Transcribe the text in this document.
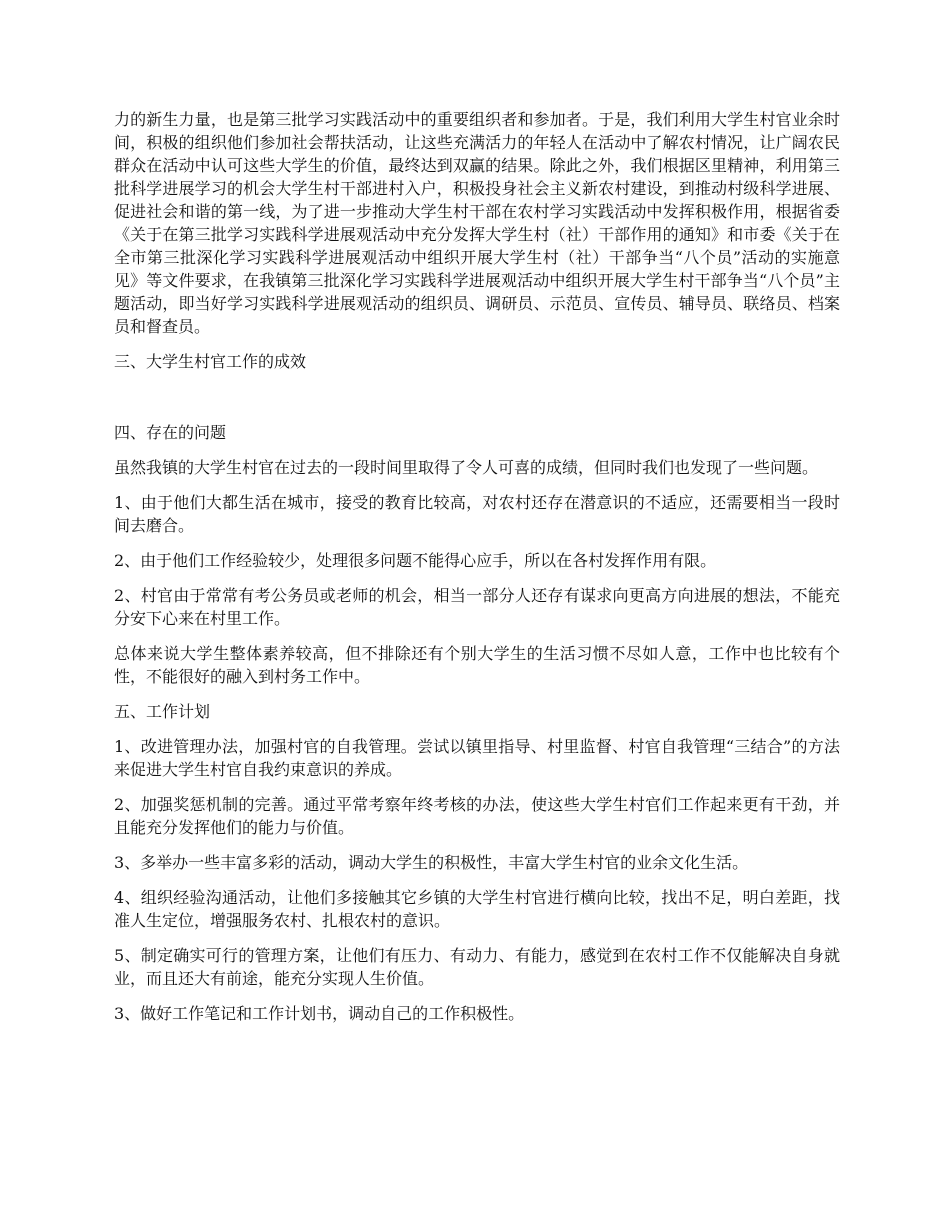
力的新生力量，也是第三批学习实践活动中的重要组织者和参加者。于是，我们利用大学生村官业余时间，积极的组织他们参加社会帮扶活动，让这些充满活力的年轻人在活动中了解农村情况，让广阔农民群众在活动中认可这些大学生的价值，最终达到双赢的结果。除此之外，我们根据区里精神，利用第三批科学进展学习的机会大学生村干部进村入户，积极投身社会主义新农村建设，到推动村级科学进展、促进社会和谐的第一线，为了进一步推动大学生村干部在农村学习实践活动中发挥积极作用，根据省委《关于在第三批学习实践科学进展观活动中充分发挥大学生村（社）干部作用的通知》和市委《关于在全市第三批深化学习实践科学进展观活动中组织开展大学生村（社）干部争当“八个员”活动的实施意见》等文件要求，在我镇第三批深化学习实践科学进展观活动中组织开展大学生村干部争当“八个员”主题活动，即当好学习实践科学进展观活动的组织员、调研员、示范员、宣传员、辅导员、联络员、档案员和督查员。

三、大学生村官工作的成效

四、存在的问题

虽然我镇的大学生村官在过去的一段时间里取得了令人可喜的成绩，但同时我们也发现了一些问题。

1、由于他们大都生活在城市，接受的教育比较高，对农村还存在潜意识的不适应，还需要相当一段时间去磨合。

2、由于他们工作经验较少，处理很多问题不能得心应手，所以在各村发挥作用有限。

2、村官由于常常有考公务员或老师的机会，相当一部分人还存有谋求向更高方向进展的想法，不能充分安下心来在村里工作。

总体来说大学生整体素养较高，但不排除还有个别大学生的生活习惯不尽如人意，工作中也比较有个性，不能很好的融入到村务工作中。

五、工作计划

1、改进管理办法，加强村官的自我管理。尝试以镇里指导、村里监督、村官自我管理“三结合”的方法来促进大学生村官自我约束意识的养成。

2、加强奖惩机制的完善。通过平常考察年终考核的办法，使这些大学生村官们工作起来更有干劲，并且能充分发挥他们的能力与价值。

3、多举办一些丰富多彩的活动，调动大学生的积极性，丰富大学生村官的业余文化生活。

4、组织经验沟通活动，让他们多接触其它乡镇的大学生村官进行横向比较，找出不足，明白差距，找准人生定位，增强服务农村、扎根农村的意识。

5、制定确实可行的管理方案，让他们有压力、有动力、有能力，感觉到在农村工作不仅能解决自身就业，而且还大有前途，能充分实现人生价值。

3、做好工作笔记和工作计划书，调动自己的工作积极性。
